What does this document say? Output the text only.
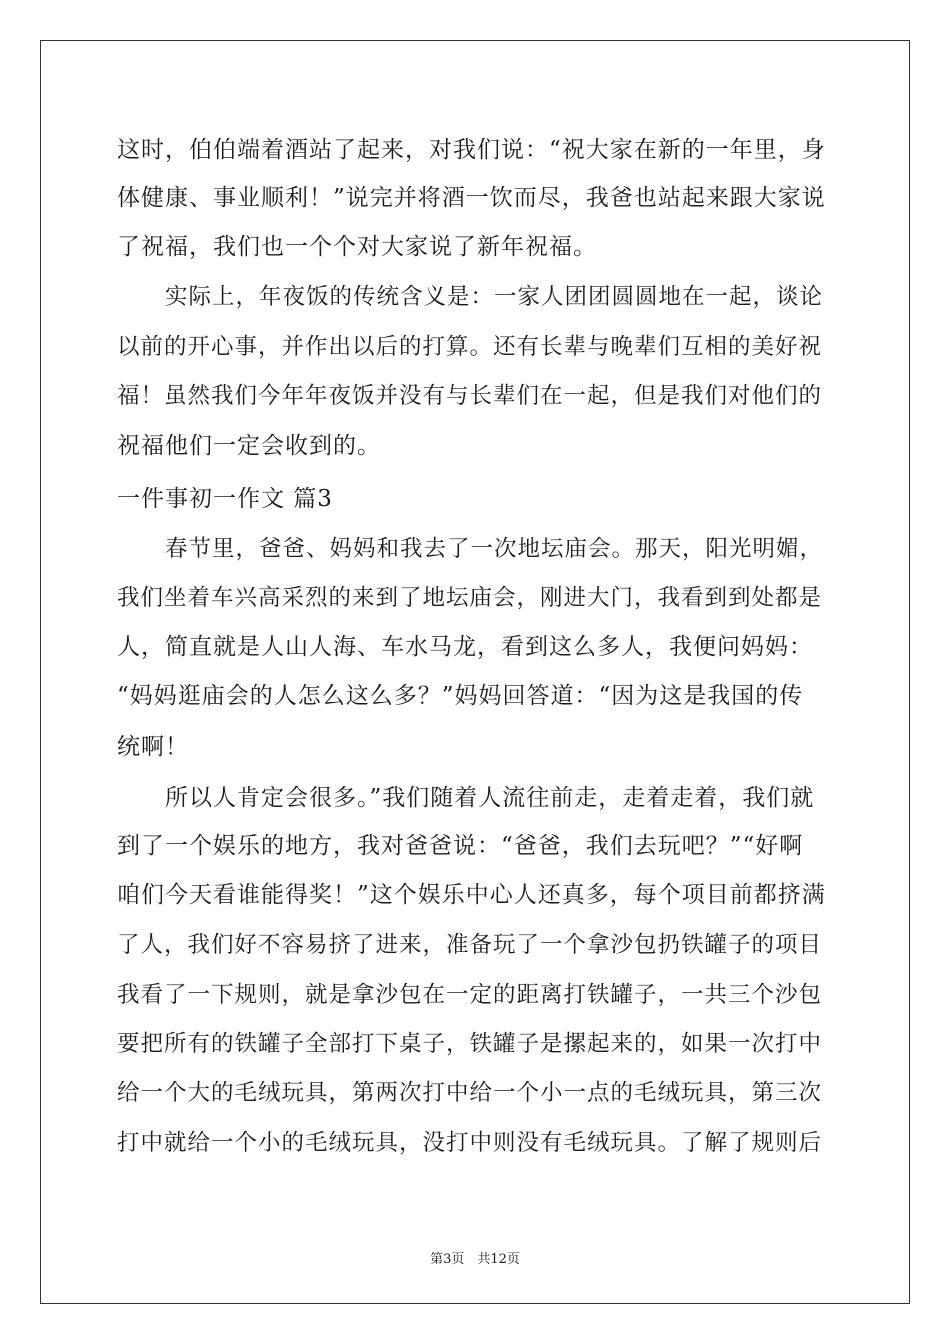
这时，伯伯端着酒站了起来，对我们说：“祝大家在新的一年里，身
体健康、事业顺利！”说完并将酒一饮而尽，我爸也站起来跟大家说
了祝福，我们也一个个对大家说了新年祝福。
实际上，年夜饭的传统含义是：一家人团团圆圆地在一起，谈论
以前的开心事，并作出以后的打算。还有长辈与晚辈们互相的美好祝
福！虽然我们今年年夜饭并没有与长辈们在一起，但是我们对他们的
祝福他们一定会收到的。
一件事初一作文 篇3
春节里，爸爸、妈妈和我去了一次地坛庙会。那天，阳光明媚，
我们坐着车兴高采烈的来到了地坛庙会，刚进大门，我看到到处都是
人，简直就是人山人海、车水马龙，看到这么多人，我便问妈妈：
“妈妈逛庙会的人怎么这么多？”妈妈回答道：“因为这是我国的传
统啊！
所以人肯定会很多。”我们随着人流往前走，走着走着，我们就
到了一个娱乐的地方，我对爸爸说：“爸爸，我们去玩吧？”“好啊
咱们今天看谁能得奖！”这个娱乐中心人还真多，每个项目前都挤满
了人，我们好不容易挤了进来，准备玩了一个拿沙包扔铁罐子的项目
我看了一下规则，就是拿沙包在一定的距离打铁罐子，一共三个沙包
要把所有的铁罐子全部打下桌子，铁罐子是摞起来的，如果一次打中
给一个大的毛绒玩具，第两次打中给一个小一点的毛绒玩具，第三次
打中就给一个小的毛绒玩具，没打中则没有毛绒玩具。了解了规则后
第3页　共12页
